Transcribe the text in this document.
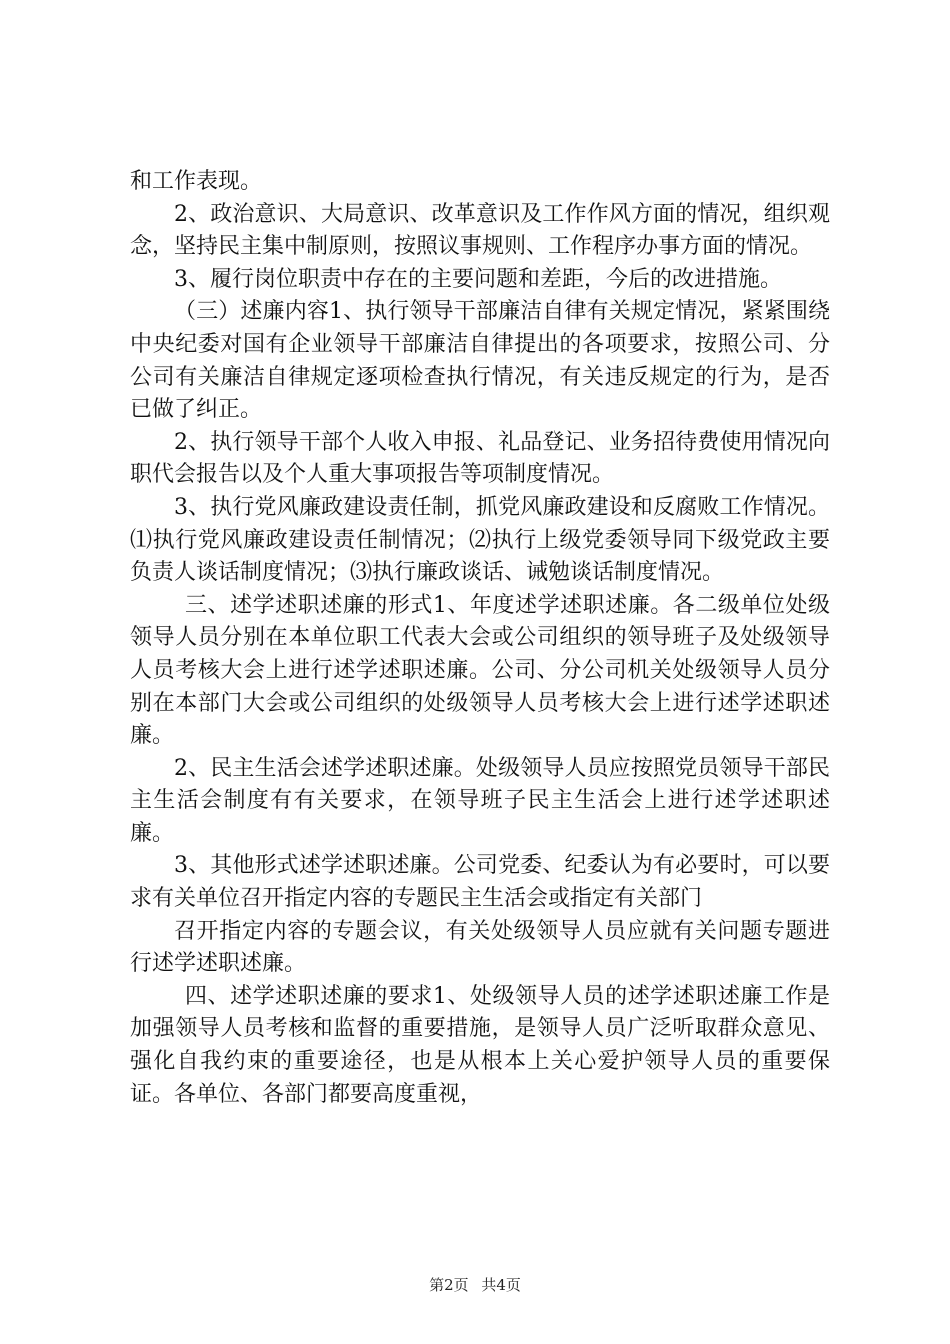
和工作表现。

2、政治意识、大局意识、改革意识及工作作风方面的情况，组织观念，坚持民主集中制原则，按照议事规则、工作程序办事方面的情况。

3、履行岗位职责中存在的主要问题和差距，今后的改进措施。

（三）述廉内容1、执行领导干部廉洁自律有关规定情况，紧紧围绕中央纪委对国有企业领导干部廉洁自律提出的各项要求，按照公司、分公司有关廉洁自律规定逐项检查执行情况，有关违反规定的行为，是否已做了纠正。

2、执行领导干部个人收入申报、礼品登记、业务招待费使用情况向职代会报告以及个人重大事项报告等项制度情况。

3、执行党风廉政建设责任制，抓党风廉政建设和反腐败工作情况。⑴执行党风廉政建设责任制情况；⑵执行上级党委领导同下级党政主要负责人谈话制度情况；⑶执行廉政谈话、诫勉谈话制度情况。

三、述学述职述廉的形式1、年度述学述职述廉。各二级单位处级领导人员分别在本单位职工代表大会或公司组织的领导班子及处级领导人员考核大会上进行述学述职述廉。公司、分公司机关处级领导人员分别在本部门大会或公司组织的处级领导人员考核大会上进行述学述职述廉。

2、民主生活会述学述职述廉。处级领导人员应按照党员领导干部民主生活会制度有有关要求，在领导班子民主生活会上进行述学述职述廉。

3、其他形式述学述职述廉。公司党委、纪委认为有必要时，可以要求有关单位召开指定内容的专题民主生活会或指定有关部门

召开指定内容的专题会议，有关处级领导人员应就有关问题专题进行述学述职述廉。

四、述学述职述廉的要求1、处级领导人员的述学述职述廉工作是加强领导人员考核和监督的重要措施，是领导人员广泛听取群众意见、强化自我约束的重要途径，也是从根本上关心爱护领导人员的重要保证。各单位、各部门都要高度重视，

第2页 共4页
